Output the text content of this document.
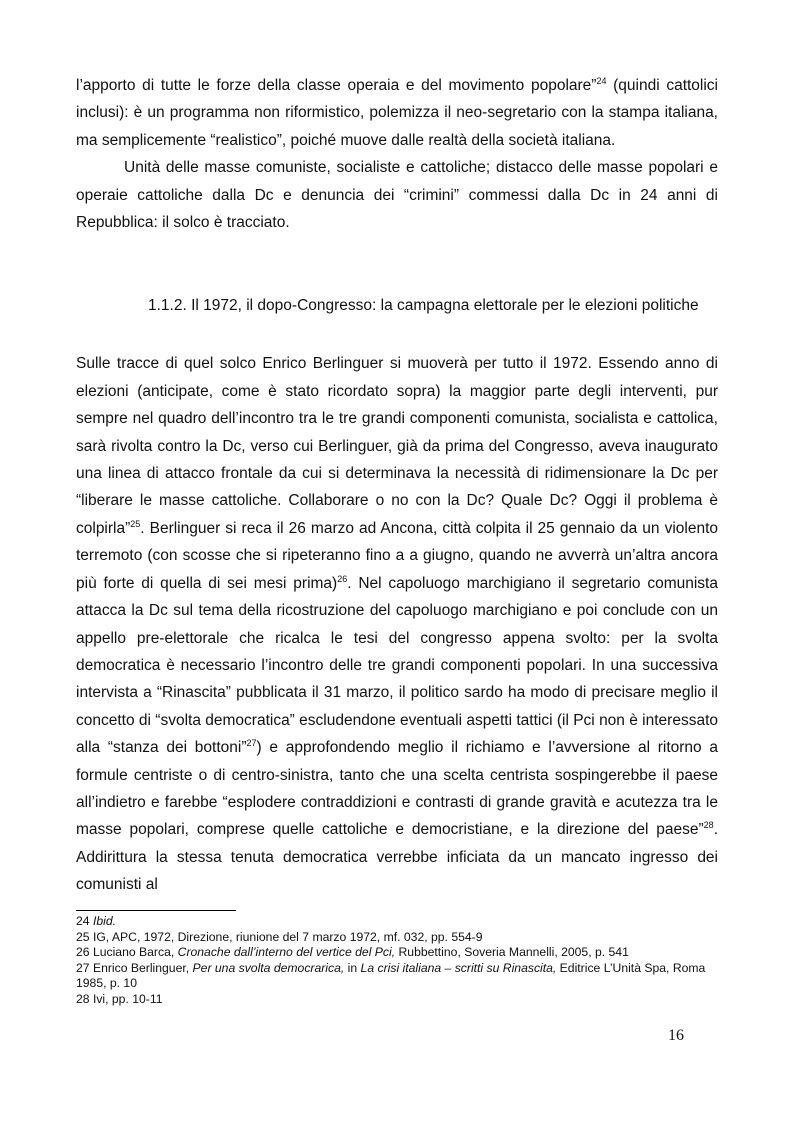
l’apporto di tutte le forze della classe operaia e del movimento popolare”$^{24}$ (quindi cattolici inclusi): è un programma non riformistico, polemizza il neo-segretario con la stampa italiana, ma semplicemente “realistico”, poiché muove dalle realtà della società italiana.

Unità delle masse comuniste, socialiste e cattoliche; distacco delle masse popolari e operaie cattoliche dalla Dc e denuncia dei “crimini” commessi dalla Dc in 24 anni di Repubblica: il solco è tracciato.

1.1.2. Il 1972, il dopo-Congresso: la campagna elettorale per le elezioni politiche

Sulle tracce di quel solco Enrico Berlinguer si muoverà per tutto il 1972. Essendo anno di elezioni (anticipate, come è stato ricordato sopra) la maggior parte degli interventi, pur sempre nel quadro dell’incontro tra le tre grandi componenti comunista, socialista e cattolica, sarà rivolta contro la Dc, verso cui Berlinguer, già da prima del Congresso, aveva inaugurato una linea di attacco frontale da cui si determinava la necessità di ridimensionare la Dc per “liberare le masse cattoliche. Collaborare o no con la Dc? Quale Dc? Oggi il problema è colpirla”$^{25}$. Berlinguer si reca il 26 marzo ad Ancona, città colpita il 25 gennaio da un violento terremoto (con scosse che si ripeteranno fino a a giugno, quando ne avverrà un’altra ancora più forte di quella di sei mesi prima)$^{26}$. Nel capoluogo marchigiano il segretario comunista attacca la Dc sul tema della ricostruzione del capoluogo marchigiano e poi conclude con un appello pre-elettorale che ricalca le tesi del congresso appena svolto: per la svolta democratica è necessario l’incontro delle tre grandi componenti popolari. In una successiva intervista a “Rinascita” pubblicata il 31 marzo, il politico sardo ha modo di precisare meglio il concetto di “svolta democratica” escludendone eventuali aspetti tattici (il Pci non è interessato alla “stanza dei bottoni”$^{27}$) e approfondendo meglio il richiamo e l’avversione al ritorno a formule centriste o di centro-sinistra, tanto che una scelta centrista sospingerebbe il paese all’indietro e farebbe “esplodere contraddizioni e contrasti di grande gravità e acutezza tra le masse popolari, comprese quelle cattoliche e democristiane, e la direzione del paese”$^{28}$. Addirittura la stessa tenuta democratica verrebbe inficiata da un mancato ingresso dei comunisti al

24 Ibid.

25 IG, APC, 1972, Direzione, riunione del 7 marzo 1972, mf. 032, pp. 554-9

26 Luciano Barca, Cronache dall’interno del vertice del Pci, Rubbettino, Soveria Mannelli, 2005, p. 541

27 Enrico Berlinguer, Per una svolta democrarica, in La crisi italiana – scritti su Rinascita, Editrice L’Unità Spa, Roma 1985, p. 10

28 Ivi, pp. 10-11

16
